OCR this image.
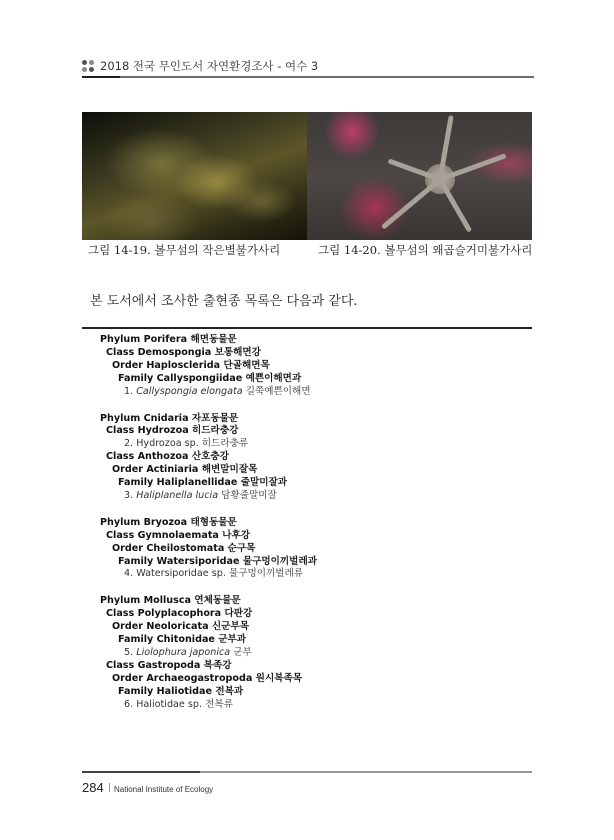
2018 전국 무인도서 자연환경조사 - 여수 3
그림 14-19. 볼무섬의 작은별불가사리	그림 14-20. 볼무섬의 왜곱슬거미불가사리
본 도서에서 조사한 출현종 목록은 다음과 같다.
Phylum Porifera 해면동물문
Class Demospongia 보통해면강
Order Haplosclerida 단골해면목
Family Callyspongiidae 예쁜이해면과
1. Callyspongia elongata 길쭉예쁜이해면
Phylum Cnidaria 자포동물문
Class Hydrozoa 히드라충강
2. Hydrozoa sp. 히드라충류
Class Anthozoa 산호충강
Order Actiniaria 해변말미잘목
Family Haliplanellidae 줄말미잘과
3. Haliplanella lucia 담황줄말미잘
Phylum Bryozoa 태형동물문
Class Gymnolaemata 나후강
Order Cheilostomata 순구목
Family Watersiporidae 물구멍이끼벌레과
4. Watersiporidae sp. 물구멍이끼벌레류
Phylum Mollusca 연체동물문
Class Polyplacophora 다판강
Order Neoloricata 신군부목
Family Chitonidae 군부과
5. Liolophura japonica 군부
Class Gastropoda 복족강
Order Archaeogastropoda 원시복족목
Family Haliotidae 전복과
6. Haliotidae sp. 전복류
284 | National Institute of Ecology
